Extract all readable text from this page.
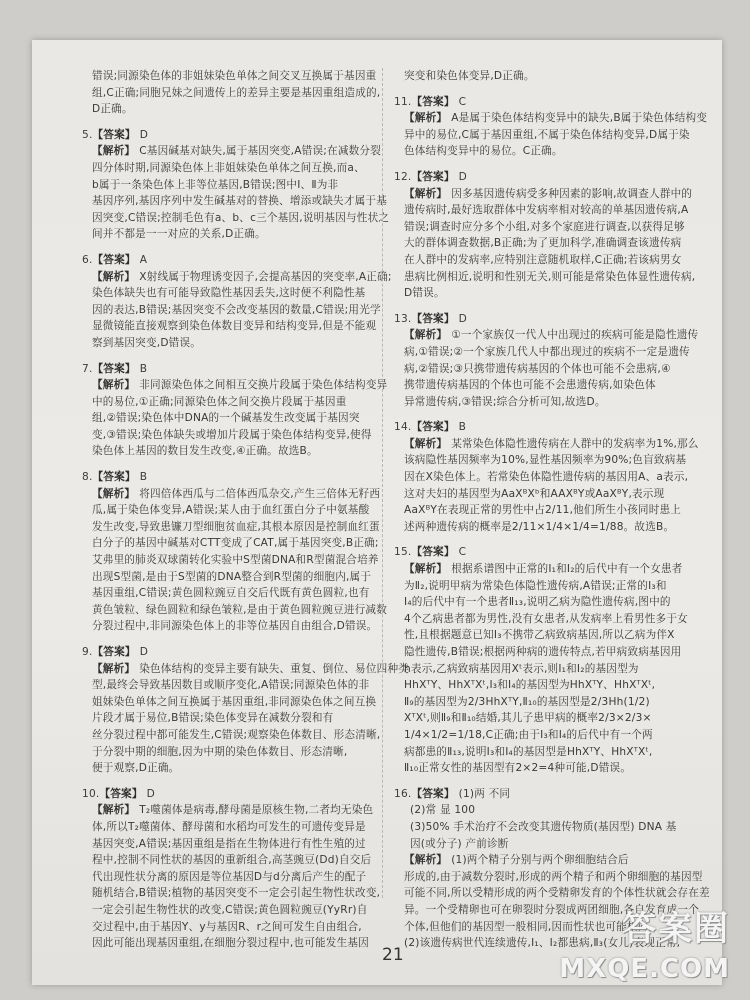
错误;同源染色体的非姐妹染色单体之间交叉互换属于基因重
组,C正确;同胞兄妹之间遗传上的差异主要是基因重组造成的,
D正确。
5.【答案】 D
【解析】 C基因碱基对缺失,属于基因突变,A错误;在减数分裂
四分体时期,同源染色体上非姐妹染色单体之间互换,而a、
b属于一条染色体上非等位基因,B错误;图中Ⅰ、Ⅱ为非
基因序列,基因序列中发生碱基对的替换、增添或缺失才属于基
因突变,C错误;控制毛色有a、b、c三个基因,说明基因与性状之
间并不都是一一对应的关系,D正确。
6.【答案】 A
【解析】 X射线属于物理诱变因子,会提高基因的突变率,A正确;
染色体缺失也有可能导致隐性基因丢失,这时便不利隐性基
因的表达,B错误;基因突变不会改变基因的数量,C错误;用光学
显微镜能直接观察到染色体数目变异和结构变异,但是不能观
察到基因突变,D错误。
7.【答案】 B
【解析】 非同源染色体之间相互交换片段属于染色体结构变异
中的易位,①正确;同源染色体之间交换片段属于基因重
组,②错误;染色体中DNA的一个碱基发生改变属于基因突
变,③错误;染色体缺失或增加片段属于染色体结构变异,使得
染色体上基因的数目发生改变,④正确。故选B。
8.【答案】 B
【解析】 将四倍体西瓜与二倍体西瓜杂交,产生三倍体无籽西
瓜,属于染色体变异,A错误;某人由于血红蛋白分子中氨基酸
发生改变,导致患镰刀型细胞贫血症,其根本原因是控制血红蛋
白分子的基因中碱基对CTT变成了CAT,属于基因突变,B正确;
艾弗里的肺炎双球菌转化实验中S型菌DNA和R型菌混合培养
出现S型菌,是由于S型菌的DNA整合到R型菌的细胞内,属于
基因重组,C错误;黄色圆粒豌豆自交后代既有黄色圆粒,也有
黄色皱粒、绿色圆粒和绿色皱粒,是由于黄色圆粒豌豆进行减数
分裂过程中,非同源染色体上的非等位基因自由组合,D错误。
9.【答案】 D
【解析】 染色体结构的变异主要有缺失、重复、倒位、易位四种类
型,最终会导致基因数目或顺序变化,A错误;同源染色体的非
姐妹染色单体之间互换属于基因重组,非同源染色体之间互换
片段才属于易位,B错误;染色体变异在减数分裂和有
丝分裂过程中都可能发生,C错误;观察染色体数目、形态清晰,
于分裂中期的细胞,因为中期的染色体数目、形态清晰,
便于观察,D正确。
10.【答案】 D
【解析】 T₂噬菌体是病毒,酵母菌是原核生物,二者均无染色
体,所以T₂噬菌体、酵母菌和水稻均可发生的可遗传变异是
基因突变,A错误;基因重组是指在生物体进行有性生殖的过
程中,控制不同性状的基因的重新组合,高茎豌豆(Dd)自交后
代出现性状分离的原因是等位基因D与d分离后产生的配子
随机结合,B错误;植物的基因突变不一定会引起生物性状改变,
一定会引起生物性状的改变,C错误;黄色圆粒豌豆(YyRr)自
交过程中,由于基因Y、y与基因R、r之间可发生自由组合,
因此可能出现基因重组,在细胞分裂过程中,也可能发生基因
突变和染色体变异,D正确。
11.【答案】 C
【解析】 A是属于染色体结构变异中的缺失,B属于染色体结构变
异中的易位,C属于基因重组,不属于染色体结构变异,D属于染
色体结构变异中的易位。C正确。
12.【答案】 D
【解析】 因多基因遗传病受多种因素的影响,故调查人群中的
遗传病时,最好选取群体中发病率相对较高的单基因遗传病,A
错误;调查时应分多个小组,对多个家庭进行调查,以获得足够
大的群体调查数据,B正确;为了更加科学,准确调查该遗传病
在人群中的发病率,应特别注意随机取样,C正确;若该病男女
患病比例相近,说明和性别无关,则可能是常染色体显性遗传病,
D错误。
13.【答案】 D
【解析】 ①一个家族仅一代人中出现过的疾病可能是隐性遗传
病,①错误;②一个家族几代人中都出现过的疾病不一定是遗传
病,②错误;③只携带遗传病基因的个体也可能不会患病,④
携带遗传病基因的个体也可能不会患遗传病,如染色体
异常遗传病,③错误;综合分析可知,故选D。
14.【答案】 B
【解析】 某常染色体隐性遗传病在人群中的发病率为1%,那么
该病隐性基因频率为10%,显性基因频率为90%;色盲致病基
因在X染色体上。若常染色体隐性遗传病的基因用A、a表示,
这对夫妇的基因型为AaXᴮXᵇ和AAXᴮY或AaXᴮY,表示现
AaXᴮY在表现正常的男性中占2/11,他们所生小孩同时患上
述两种遗传病的概率是2/11×1/4×1/4=1/88。故选B。
15.【答案】 C
【解析】 根据系谱图中正常的Ⅰ₁和Ⅰ₂的后代中有一个女患者
为Ⅱ₂,说明甲病为常染色体隐性遗传病,A错误;正常的Ⅰ₃和
Ⅰ₄的后代中有一个患者Ⅱ₁₃,说明乙病为隐性遗传病,图中的
4个乙病患者都为男性,没有女患者,从发病率上看男性多于女
性,且根据题意已知Ⅰ₃不携带乙病致病基因,所以乙病为伴X
隐性遗传,B错误;根据两种病的遗传特点,若甲病致病基因用
h表示,乙病致病基因用Xᵗ表示,则Ⅰ₁和Ⅰ₂的基因型为
HhXᵀY、HhXᵀXᵗ,Ⅰ₃和Ⅰ₄的基因型为HhXᵀY、HhXᵀXᵗ,
Ⅱ₉的基因型为2/3HhXᵀY,Ⅱ₁₀的基因型是2/3Hh(1/2)
XᵀXᵗ,则Ⅱ₉和Ⅱ₁₀结婚,其儿子患甲病的概率2/3×2/3×
1/4×1/2=1/18,C正确;由于Ⅰ₃和Ⅰ₄的后代中有一个两
病都患的Ⅱ₁₃,说明Ⅰ₃和Ⅰ₄的基因型是HhXᵀY、HhXᵀXᵗ,
Ⅱ₁₀正常女性的基因型有2×2=4种可能,D错误。
16.【答案】 (1)两 不同
(2)常 显 100
(3)50% 手术治疗不会改变其遗传物质(基因型) DNA 基
因(或分子) 产前诊断
【解析】 (1)两个精子分别与两个卵细胞结合后
形成的,由于减数分裂时,形成的两个精子和两个卵细胞的基因型
可能不同,所以受精形成的两个受精卵发育的个体性状就会存在差
异。一个受精卵也可在卵裂时分裂成两团细胞,各自发育成一个
个体,但他们的基因型一般相同,因而性状也可能相同。
(2)该遗传病世代连续遗传,Ⅰ₁、Ⅰ₂都患病,Ⅱ₃(女儿)表现正常,
21
答案圈
MXQE.COM
